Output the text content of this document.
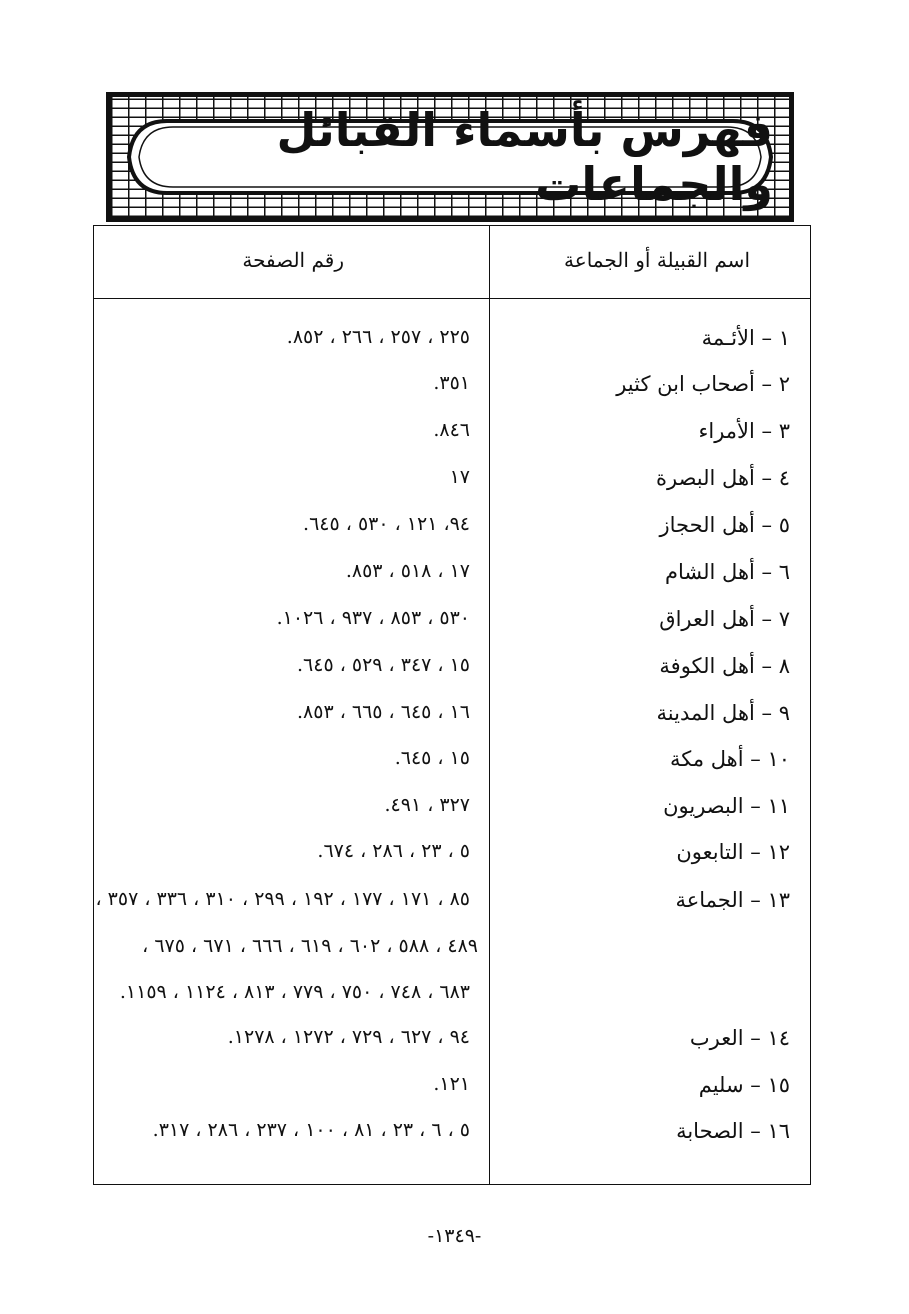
فهرس بأسماء القبائل والجماعات
اسم القبيلة أو الجماعة
رقم الصفحة
١ – الأئـمة
٢٢٥ ، ٢٥٧ ، ٢٦٦ ، ٨٥٢.
٢ – أصحاب ابن كثير
٣٥١.
٣ – الأمراء
٨٤٦.
٤ – أهل البصرة
١٧
٥ – أهل الحجاز
٩٤، ١٢١ ، ٥٣٠ ، ٦٤٥.
٦ – أهل الشام
١٧ ، ٥١٨ ، ٨٥٣.
٧ – أهل العراق
٥٣٠ ، ٨٥٣ ، ٩٣٧ ، ١٠٢٦.
٨ – أهل الكوفة
١٥ ، ٣٤٧ ، ٥٢٩ ، ٦٤٥.
٩ – أهل المدينة
١٦ ، ٦٤٥ ، ٦٦٥ ، ٨٥٣.
١٠ – أهل مكة
١٥ ، ٦٤٥.
١١ – البصريون
٣٢٧ ، ٤٩١.
١٢ – التابعون
٥ ، ٢٣ ، ٢٨٦ ، ٦٧٤.
١٣ – الجماعة
٨٥ ، ١٧١ ، ١٧٧ ، ١٩٢ ، ٢٩٩ ، ٣١٠ ، ٣٣٦ ، ٣٥٧ ،
٤٨٩ ، ٥٨٨ ، ٦٠٢ ، ٦١٩ ، ٦٦٦ ، ٦٧١ ، ٦٧٥ ،
٦٨٣ ، ٧٤٨ ، ٧٥٠ ، ٧٧٩ ، ٨١٣ ، ١١٢٤ ، ١١٥٩.
١٤ – العرب
٩٤ ، ٦٢٧ ، ٧٢٩ ، ١٢٧٢ ، ١٢٧٨.
١٥ – سليم
١٢١.
١٦ – الصحابة
٥ ، ٦ ، ٢٣ ، ٨١ ، ١٠٠ ، ٢٣٧ ، ٢٨٦ ، ٣١٧.
-١٣٤٩-
